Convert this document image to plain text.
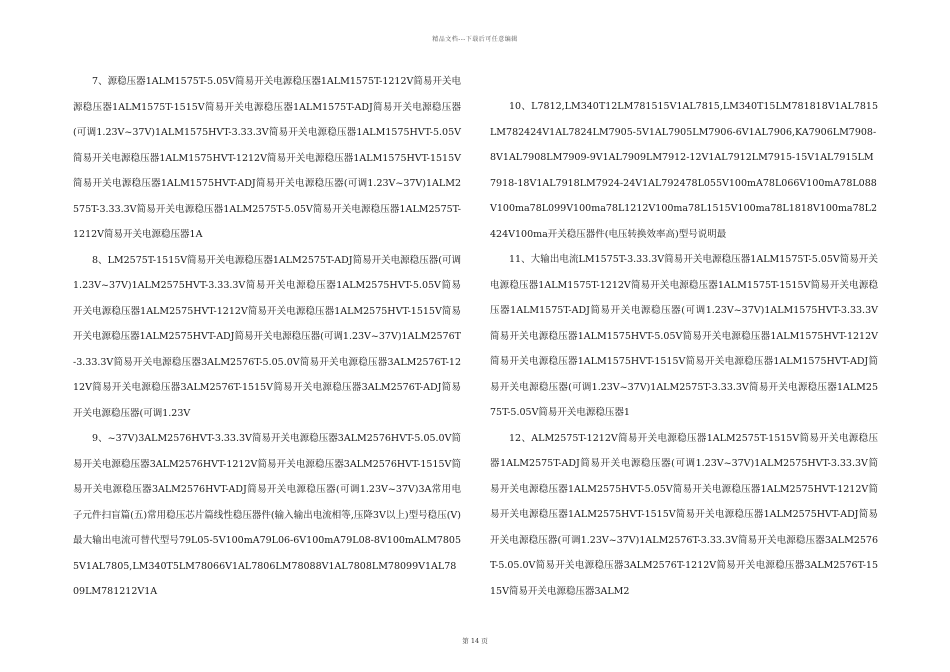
精品文档---下载后可任意编辑

7、源稳压器1ALM1575T-5.05V简易开关电源稳压器1ALM1575T-1212V简易开关电源稳压器1ALM1575T-1515V简易开关电源稳压器1ALM1575T-ADJ简易开关电源稳压器(可调1.23V~37V)1ALM1575HVT-3.33.3V简易开关电源稳压器1ALM1575HVT-5.05V简易开关电源稳压器1ALM1575HVT-1212V简易开关电源稳压器1ALM1575HVT-1515V简易开关电源稳压器1ALM1575HVT-ADJ简易开关电源稳压器(可调1.23V~37V)1ALM2575T-3.33.3V简易开关电源稳压器1ALM2575T-5.05V简易开关电源稳压器1ALM2575T-1212V简易开关电源稳压器1A

8、LM2575T-1515V简易开关电源稳压器1ALM2575T-ADJ简易开关电源稳压器(可调1.23V~37V)1ALM2575HVT-3.33.3V简易开关电源稳压器1ALM2575HVT-5.05V简易开关电源稳压器1ALM2575HVT-1212V简易开关电源稳压器1ALM2575HVT-1515V简易开关电源稳压器1ALM2575HVT-ADJ简易开关电源稳压器(可调1.23V~37V)1ALM2576T-3.33.3V简易开关电源稳压器3ALM2576T-5.05.0V简易开关电源稳压器3ALM2576T-1212V简易开关电源稳压器3ALM2576T-1515V简易开关电源稳压器3ALM2576T-ADJ简易开关电源稳压器(可调1.23V

9、~37V)3ALM2576HVT-3.33.3V简易开关电源稳压器3ALM2576HVT-5.05.0V简易开关电源稳压器3ALM2576HVT-1212V简易开关电源稳压器3ALM2576HVT-1515V简易开关电源稳压器3ALM2576HVT-ADJ简易开关电源稳压器(可调1.23V~37V)3A常用电子元件扫盲篇(五)常用稳压芯片篇线性稳压器件(输入输出电流相等,压降3V以上)型号稳压(V)最大输出电流可替代型号79L05-5V100mA79L06-6V100mA79L08-8V100mALM78055V1AL7805,LM340T5LM78066V1AL7806LM78088V1AL7808LM78099V1AL7809LM781212V1A

10、L7812,LM340T12LM781515V1AL7815,LM340T15LM781818V1AL7815LM782424V1AL7824LM7905-5V1AL7905LM7906-6V1AL7906,KA7906LM7908-8V1AL7908LM7909-9V1AL7909LM7912-12V1AL7912LM7915-15V1AL7915LM7918-18V1AL7918LM7924-24V1AL792478L055V100mA78L066V100mA78L088V100ma78L099V100ma78L1212V100ma78L1515V100ma78L1818V100ma78L2424V100ma开关稳压器件(电压转换效率高)型号说明最

11、大输出电流LM1575T-3.33.3V简易开关电源稳压器1ALM1575T-5.05V简易开关电源稳压器1ALM1575T-1212V简易开关电源稳压器1ALM1575T-1515V简易开关电源稳压器1ALM1575T-ADJ简易开关电源稳压器(可调1.23V~37V)1ALM1575HVT-3.33.3V简易开关电源稳压器1ALM1575HVT-5.05V简易开关电源稳压器1ALM1575HVT-1212V简易开关电源稳压器1ALM1575HVT-1515V简易开关电源稳压器1ALM1575HVT-ADJ简易开关电源稳压器(可调1.23V~37V)1ALM2575T-3.33.3V简易开关电源稳压器1ALM2575T-5.05V简易开关电源稳压器1

12、ALM2575T-1212V简易开关电源稳压器1ALM2575T-1515V简易开关电源稳压器1ALM2575T-ADJ简易开关电源稳压器(可调1.23V~37V)1ALM2575HVT-3.33.3V简易开关电源稳压器1ALM2575HVT-5.05V简易开关电源稳压器1ALM2575HVT-1212V简易开关电源稳压器1ALM2575HVT-1515V简易开关电源稳压器1ALM2575HVT-ADJ简易开关电源稳压器(可调1.23V~37V)1ALM2576T-3.33.3V简易开关电源稳压器3ALM2576T-5.05.0V简易开关电源稳压器3ALM2576T-1212V简易开关电源稳压器3ALM2576T-1515V简易开关电源稳压器3ALM2

第 14 页
